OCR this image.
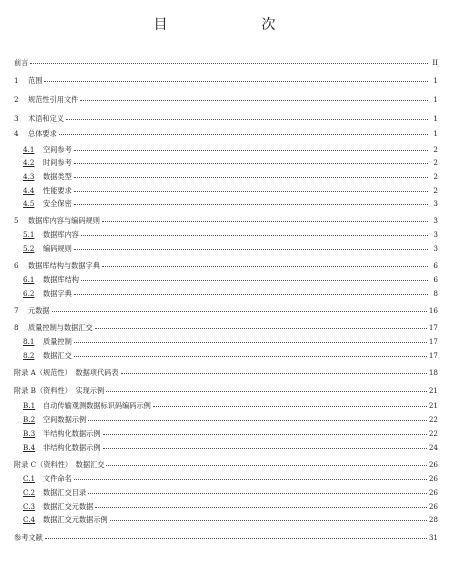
目　　次
前言	II
1	范围	1
2	规范性引用文件	1
3	术语和定义	1
4	总体要求	1
4.1	空间参考	2
4.2	时间参考	2
4.3	数据类型	2
4.4	性能要求	2
4.5	安全保密	3
5	数据库内容与编码规则	3
5.1	数据库内容	3
5.2	编码规则	3
6	数据库结构与数据字典	6
6.1	数据库结构	6
6.2	数据字典	8
7	元数据	16
8	质量控制与数据汇交	17
8.1	质量控制	17
8.2	数据汇交	17
附录 A（规范性）　数据项代码表	18
附录 B（资料性）　实现示例	21
B.1	自动传输观测数据标识码编码示例	21
B.2	空间数据示例	22
B.3	半结构化数据示例	22
B.4	非结构化数据示例	24
附录 C（资料性）　数据汇交	26
C.1	文件命名	26
C.2	数据汇交目录	26
C.3	数据汇交元数据	26
C.4	数据汇交元数据示例	28
参考文献	31
